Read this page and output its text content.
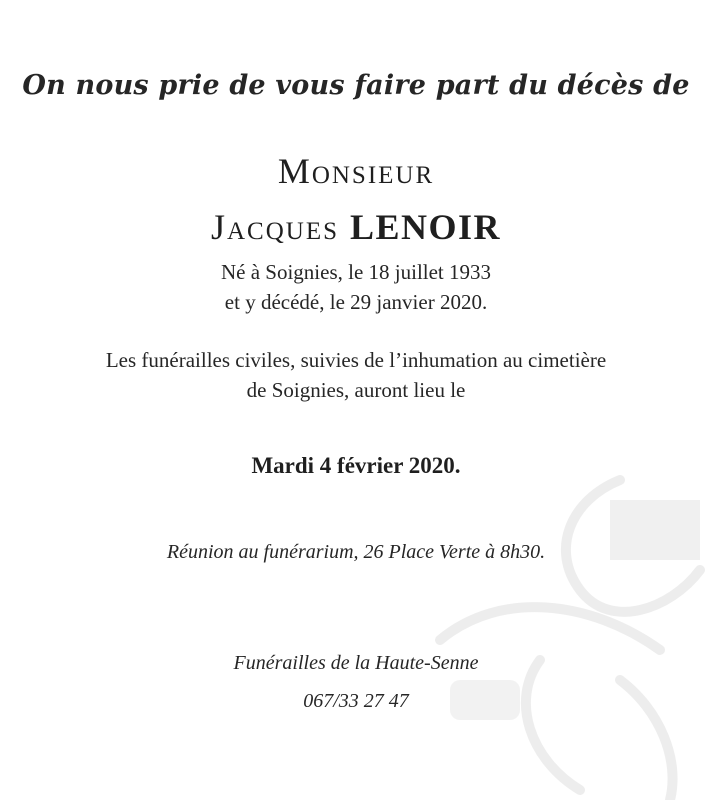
On nous prie de vous faire part du décès de
Monsieur
Jacques LENOIR
Né à Soignies, le 18 juillet 1933
et y décédé, le 29 janvier 2020.
Les funérailles civiles, suivies de l’inhumation au cimetière
de Soignies, auront lieu le
Mardi 4 février 2020.
Réunion au funérarium, 26 Place Verte à 8h30.
Funérailles de la Haute-Senne
067/33 27 47
